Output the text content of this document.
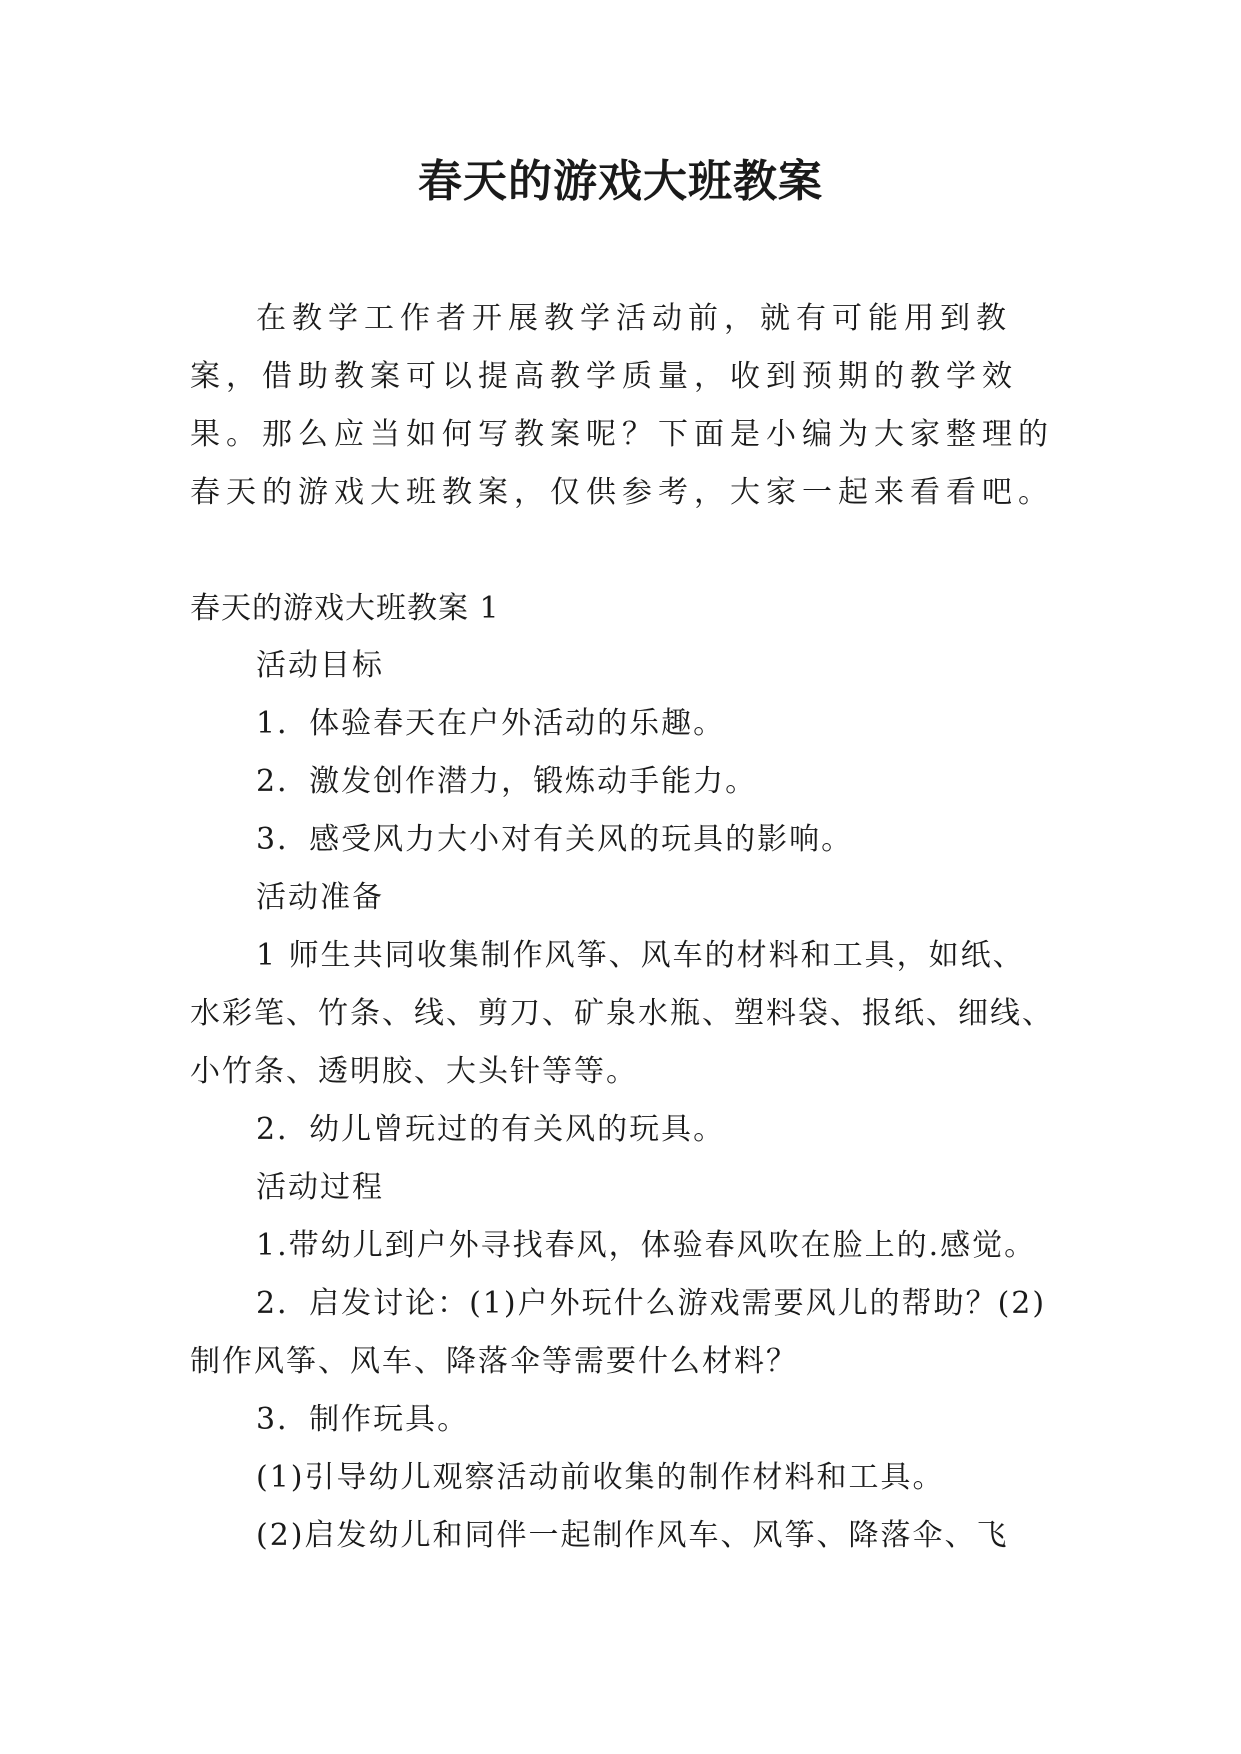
春天的游戏大班教案

在教学工作者开展教学活动前，就有可能用到教案，借助教案可以提高教学质量，收到预期的教学效果。那么应当如何写教案呢？下面是小编为大家整理的春天的游戏大班教案，仅供参考，大家一起来看看吧。

春天的游戏大班教案 1

活动目标

1．体验春天在户外活动的乐趣。

2．激发创作潜力，锻炼动手能力。

3．感受风力大小对有关风的玩具的影响。

活动准备

1 师生共同收集制作风筝、风车的材料和工具，如纸、水彩笔、竹条、线、剪刀、矿泉水瓶、塑料袋、报纸、细线、小竹条、透明胶、大头针等等。

2．幼儿曾玩过的有关风的玩具。

活动过程

1.带幼儿到户外寻找春风，体验春风吹在脸上的.感觉。

2．启发讨论：(1)户外玩什么游戏需要风儿的帮助？(2)制作风筝、风车、降落伞等需要什么材料？

3．制作玩具。

(1)引导幼儿观察活动前收集的制作材料和工具。

(2)启发幼儿和同伴一起制作风车、风筝、降落伞、飞
